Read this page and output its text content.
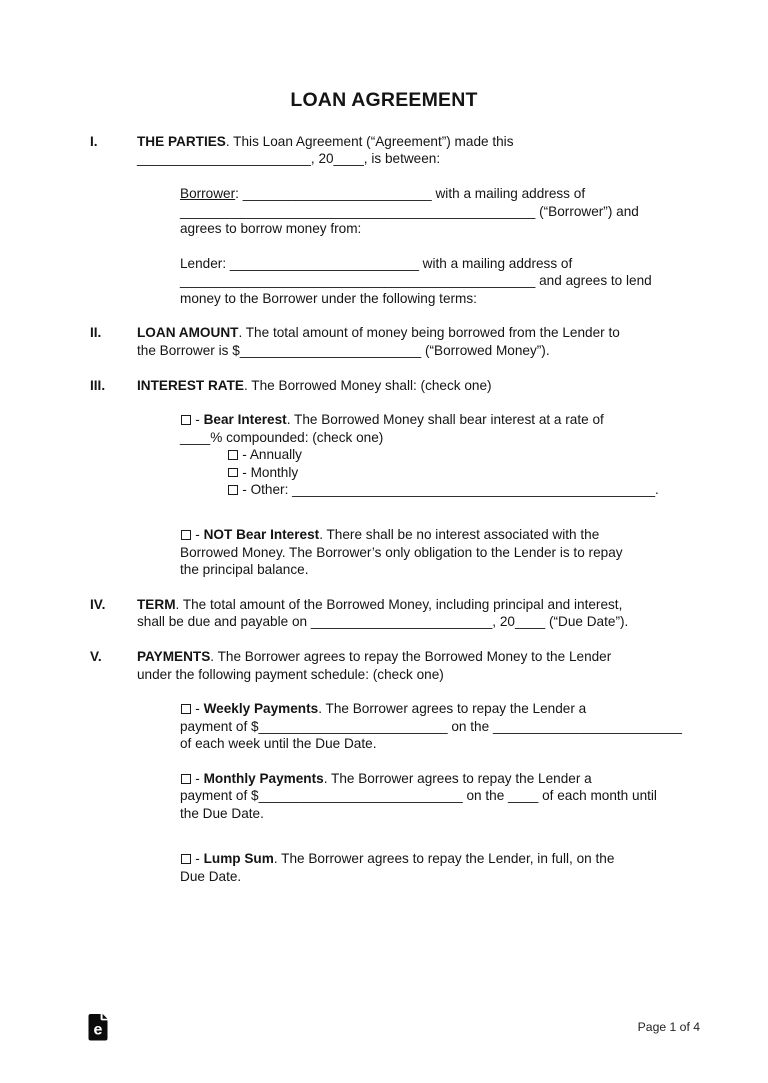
LOAN AGREEMENT
I.	THE PARTIES. This Loan Agreement (“Agreement”) made this
_______________________, 20____, is between:
Borrower: _________________________ with a mailing address of
_______________________________________________ (“Borrower”) and
agrees to borrow money from:
Lender: _________________________ with a mailing address of
_______________________________________________ and agrees to lend
money to the Borrower under the following terms:
II.	LOAN AMOUNT. The total amount of money being borrowed from the Lender to
the Borrower is $________________________ (“Borrowed Money”).
III.	INTEREST RATE. The Borrowed Money shall: (check one)
- Bear Interest. The Borrowed Money shall bear interest at a rate of
____% compounded: (check one)
- Annually
- Monthly
- Other: ________________________________________________.
- NOT Bear Interest. There shall be no interest associated with the
Borrowed Money. The Borrower’s only obligation to the Lender is to repay
the principal balance.
IV.	TERM. The total amount of the Borrowed Money, including principal and interest,
shall be due and payable on ________________________, 20____ (“Due Date”).
V.	PAYMENTS. The Borrower agrees to repay the Borrowed Money to the Lender
under the following payment schedule: (check one)
- Weekly Payments. The Borrower agrees to repay the Lender a
payment of $_________________________ on the _________________________
of each week until the Due Date.
- Monthly Payments. The Borrower agrees to repay the Lender a
payment of $___________________________ on the ____ of each month until
the Due Date.
- Lump Sum. The Borrower agrees to repay the Lender, in full, on the
Due Date.
e	Page 1 of 4
